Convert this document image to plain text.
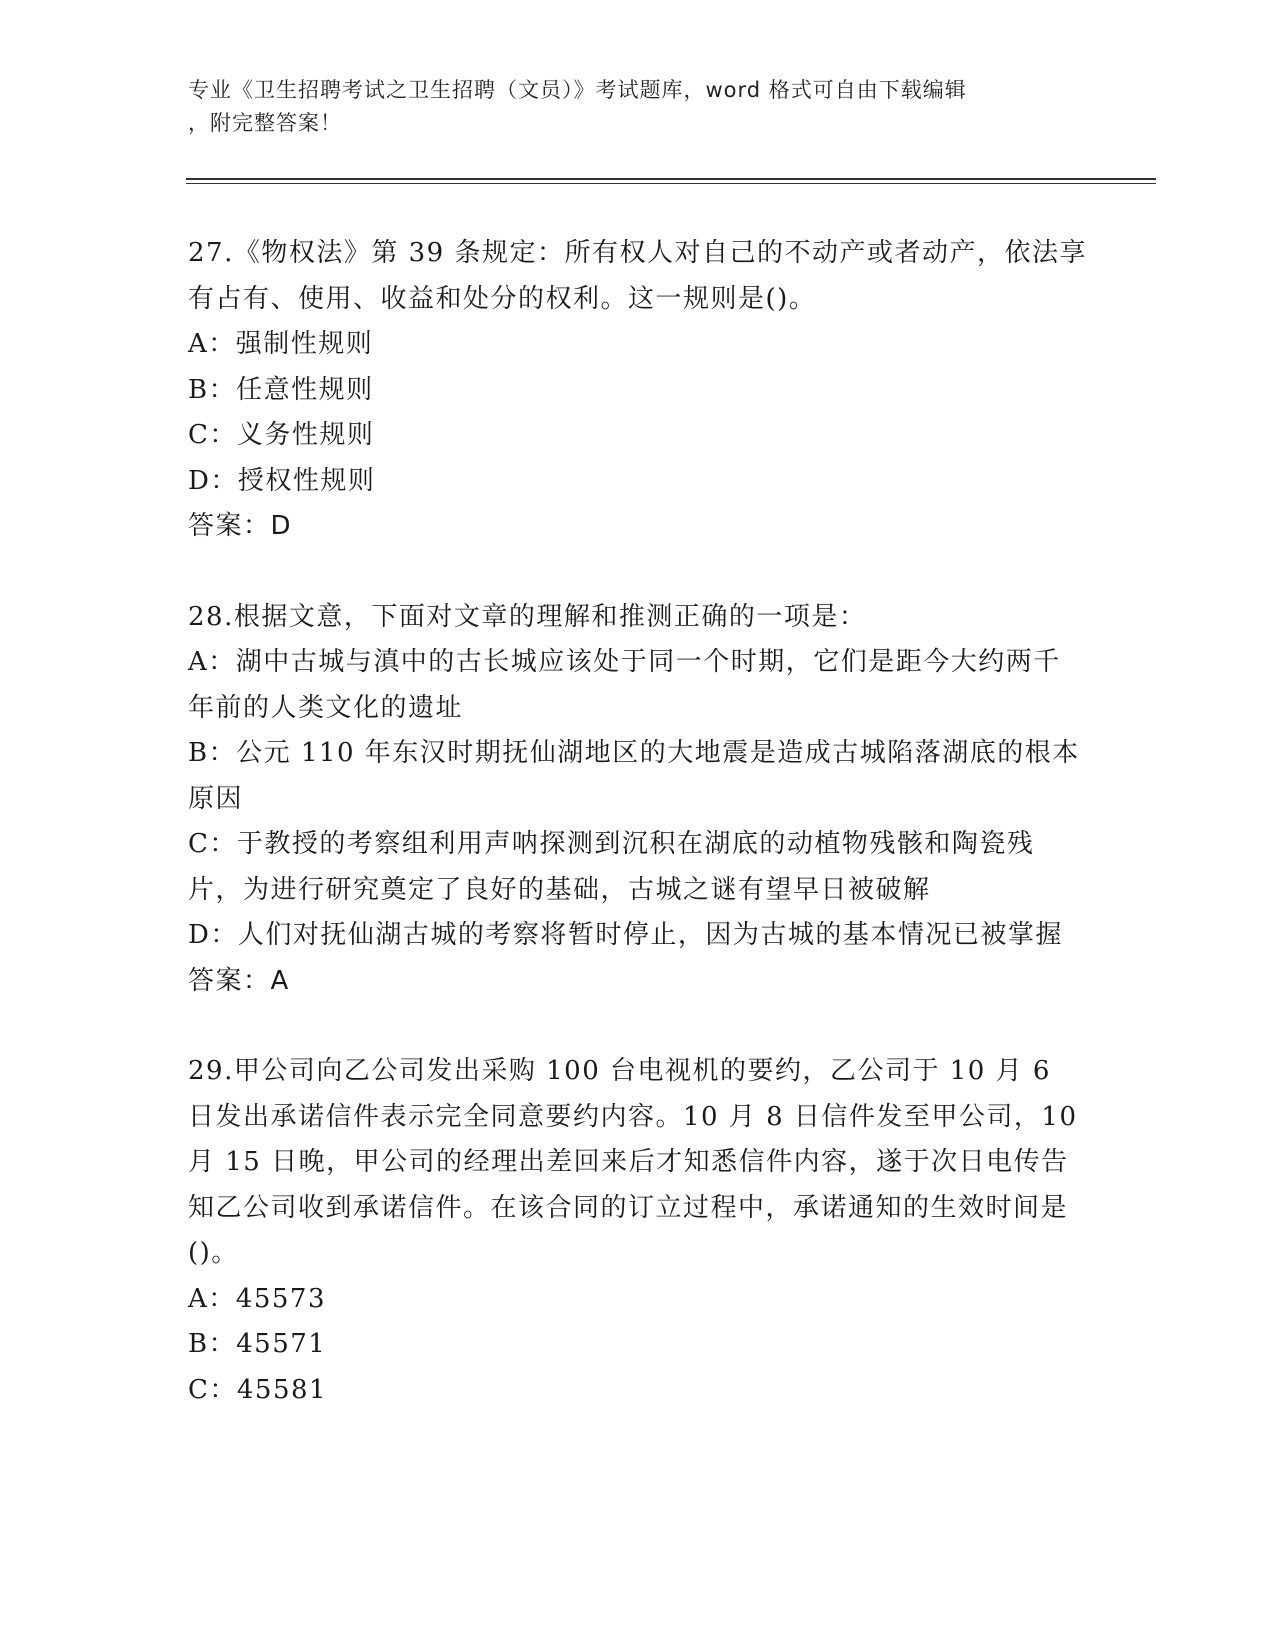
专业《卫生招聘考试之卫生招聘（文员）》考试题库，word 格式可自由下载编辑
，附完整答案！

27.《物权法》第 39 条规定：所有权人对自己的不动产或者动产，依法享有占有、使用、收益和处分的权利。这一规则是()。

A：强制性规则

B：任意性规则

C：义务性规则

D：授权性规则

答案：D

28.根据文意，下面对文章的理解和推测正确的一项是：

A：湖中古城与滇中的古长城应该处于同一个时期，它们是距今大约两千年前的人类文化的遗址

B：公元 110 年东汉时期抚仙湖地区的大地震是造成古城陷落湖底的根本原因

C：于教授的考察组利用声呐探测到沉积在湖底的动植物残骸和陶瓷残片，为进行研究奠定了良好的基础，古城之谜有望早日被破解

D：人们对抚仙湖古城的考察将暂时停止，因为古城的基本情况已被掌握

答案：A

29.甲公司向乙公司发出采购 100 台电视机的要约，乙公司于 10 月 6 日发出承诺信件表示完全同意要约内容。10 月 8 日信件发至甲公司，10 月 15 日晚，甲公司的经理出差回来后才知悉信件内容，遂于次日电传告知乙公司收到承诺信件。在该合同的订立过程中，承诺通知的生效时间是()。

A：45573

B：45571

C：45581
